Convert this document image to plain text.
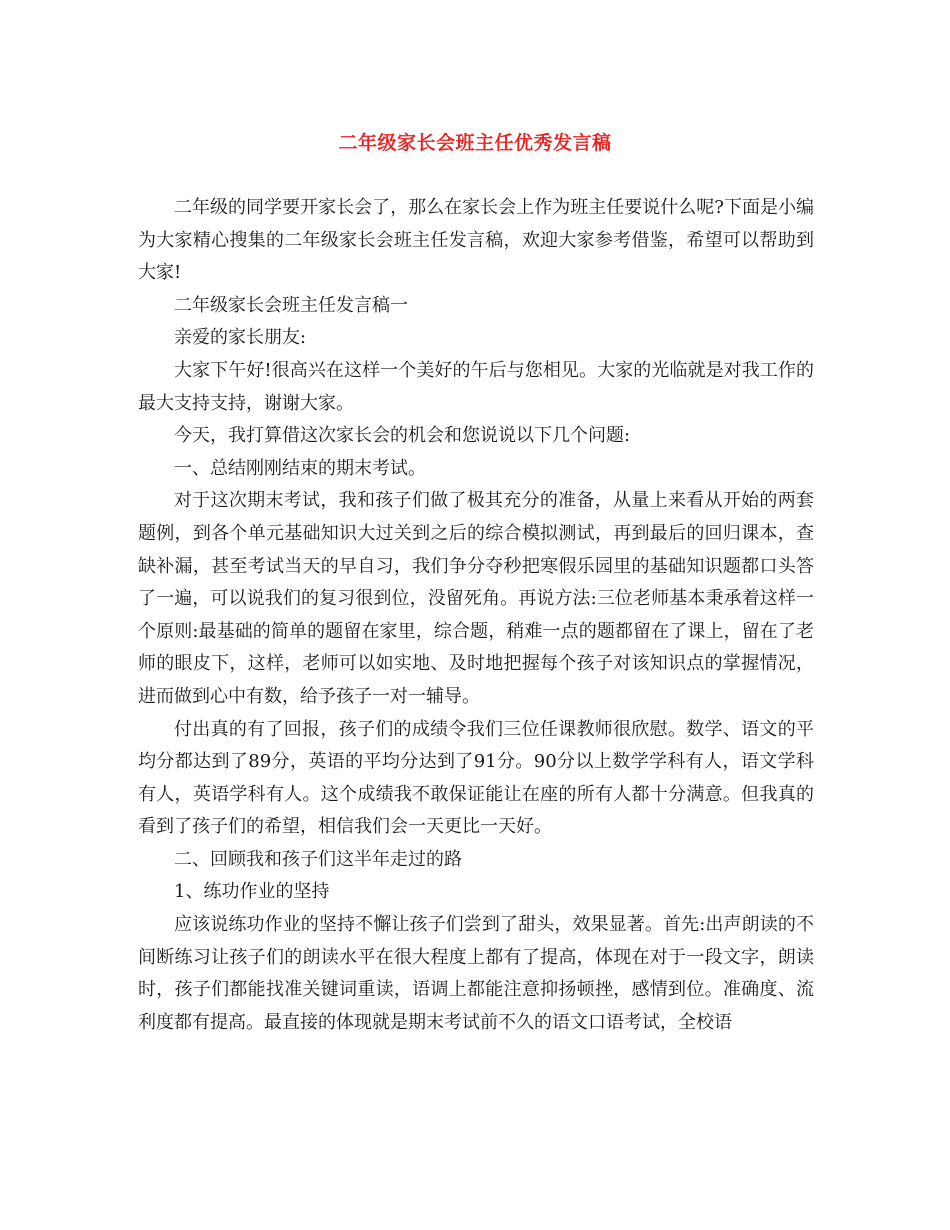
二年级家长会班主任优秀发言稿

二年级的同学要开家长会了，那么在家长会上作为班主任要说什么呢?下面是小编为大家精心搜集的二年级家长会班主任发言稿，欢迎大家参考借鉴，希望可以帮助到大家!

二年级家长会班主任发言稿一

亲爱的家长朋友:

大家下午好!很高兴在这样一个美好的午后与您相见。大家的光临就是对我工作的最大支持支持，谢谢大家。

今天，我打算借这次家长会的机会和您说说以下几个问题:

一、总结刚刚结束的期末考试。

对于这次期末考试，我和孩子们做了极其充分的准备，从量上来看从开始的两套题例，到各个单元基础知识大过关到之后的综合模拟测试，再到最后的回归课本，查缺补漏，甚至考试当天的早自习，我们争分夺秒把寒假乐园里的基础知识题都口头答了一遍，可以说我们的复习很到位，没留死角。再说方法:三位老师基本秉承着这样一个原则:最基础的简单的题留在家里，综合题，稍难一点的题都留在了课上，留在了老师的眼皮下，这样，老师可以如实地、及时地把握每个孩子对该知识点的掌握情况，进而做到心中有数，给予孩子一对一辅导。

付出真的有了回报，孩子们的成绩令我们三位任课教师很欣慰。数学、语文的平均分都达到了89分，英语的平均分达到了91分。90分以上数学学科有人，语文学科有人，英语学科有人。这个成绩我不敢保证能让在座的所有人都十分满意。但我真的看到了孩子们的希望，相信我们会一天更比一天好。

二、回顾我和孩子们这半年走过的路

1、练功作业的坚持

应该说练功作业的坚持不懈让孩子们尝到了甜头，效果显著。首先:出声朗读的不间断练习让孩子们的朗读水平在很大程度上都有了提高，体现在对于一段文字，朗读时，孩子们都能找准关键词重读，语调上都能注意抑扬顿挫，感情到位。准确度、流利度都有提高。最直接的体现就是期末考试前不久的语文口语考试，全校语
